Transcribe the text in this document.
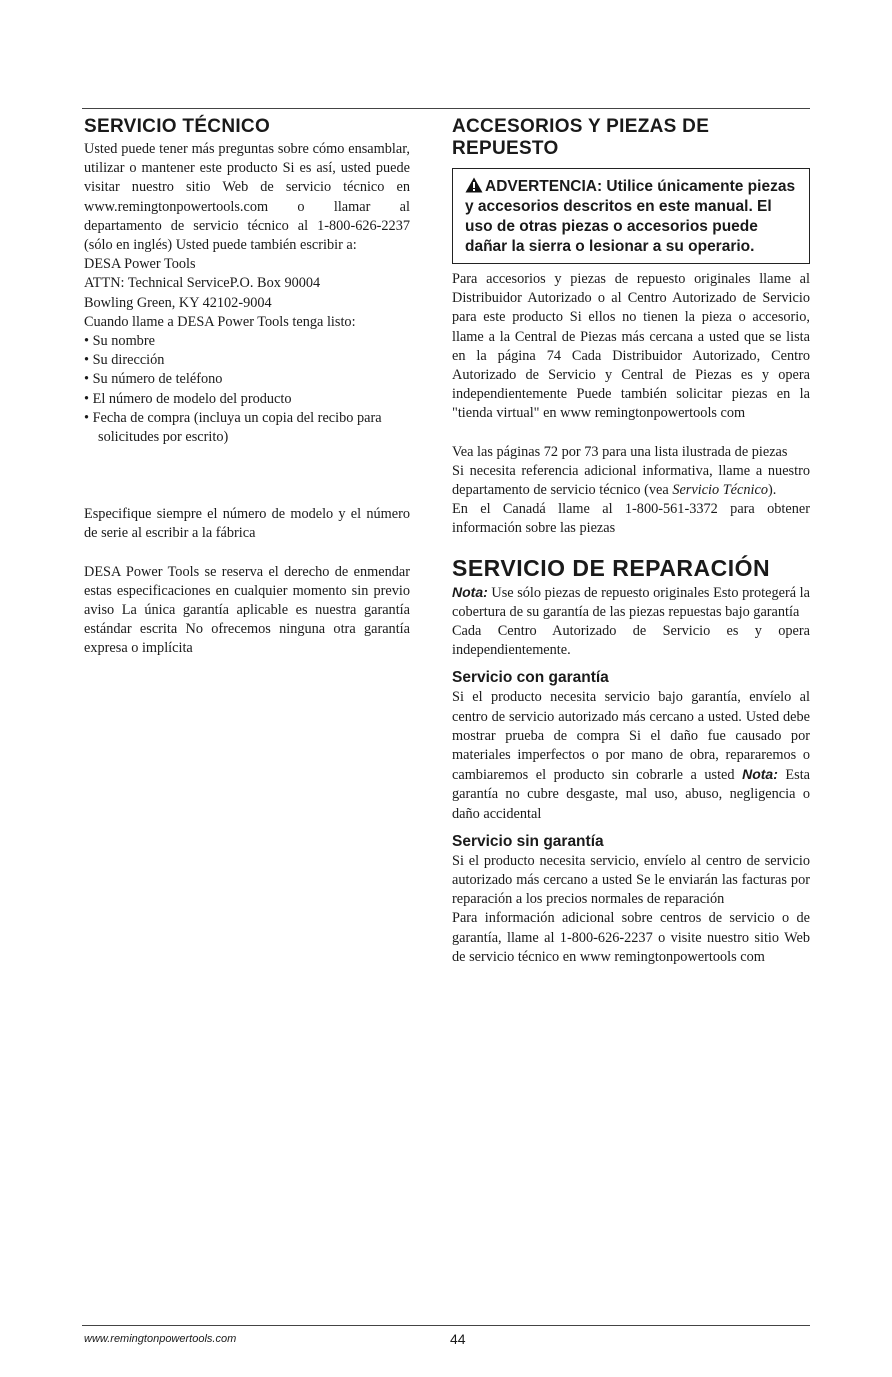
SERVICIO TÉCNICO

Usted puede tener más preguntas sobre cómo ensamblar, utilizar o mantener este producto Si es así, usted puede visitar nuestro sitio Web de servicio técnico en www.remingtonpowertools.com o llamar al departamento de servicio técnico al 1-800-626-2237 (sólo en inglés) Usted puede también escribir a:

DESA Power Tools

ATTN: Technical ServiceP.O. Box 90004

Bowling Green, KY 42102-9004

Cuando llame a DESA Power Tools tenga listo:

• Su nombre
• Su dirección
• Su número de teléfono
• El número de modelo del producto
• Fecha de compra (incluya un copia del recibo para solicitudes por escrito)

Especifique siempre el número de modelo y el número de serie al escribir a la fábrica

DESA Power Tools se reserva el derecho de enmendar estas especificaciones en cualquier momento sin previo aviso La única garantía aplicable es nuestra garantía estándar escrita No ofrecemos ninguna otra garantía expresa o implícita

ACCESORIOS Y PIEZAS DE REPUESTO

ADVERTENCIA: Utilice únicamente piezas y accesorios descritos en este manual. El uso de otras piezas o accesorios puede dañar la sierra o lesionar a su operario.

Para accesorios y piezas de repuesto originales llame al Distribuidor Autorizado o al Centro Autorizado de Servicio para este producto Si ellos no tienen la pieza o accesorio, llame a la Central de Piezas más cercana a usted que se lista en la página 74 Cada Distribuidor Autorizado, Centro Autorizado de Servicio y Central de Piezas es y opera independientemente Puede también solicitar piezas en la "tienda virtual" en www remingtonpowertools com

Vea las páginas 72 por 73 para una lista ilustrada de piezas

Si necesita referencia adicional informativa, llame a nuestro departamento de servicio técnico (vea Servicio Técnico).

En el Canadá llame al 1-800-561-3372 para obtener información sobre las piezas

SERVICIO DE REPARACIÓN

Nota: Use sólo piezas de repuesto originales Esto protegerá la cobertura de su garantía de las piezas repuestas bajo garantía

Cada Centro Autorizado de Servicio es y opera independientemente.

Servicio con garantía

Si el producto necesita servicio bajo garantía, envíelo al centro de servicio autorizado más cercano a usted. Usted debe mostrar prueba de compra Si el daño fue causado por materiales imperfectos o por mano de obra, repararemos o cambiaremos el producto sin cobrarle a usted Nota: Esta garantía no cubre desgaste, mal uso, abuso, negligencia o daño accidental

Servicio sin garantía

Si el producto necesita servicio, envíelo al centro de servicio autorizado más cercano a usted Se le enviarán las facturas por reparación a los precios normales de reparación

Para información adicional sobre centros de servicio o de garantía, llame al 1-800-626-2237 o visite nuestro sitio Web de servicio técnico en www remingtonpowertools com

www.remingtonpowertools.com	44
